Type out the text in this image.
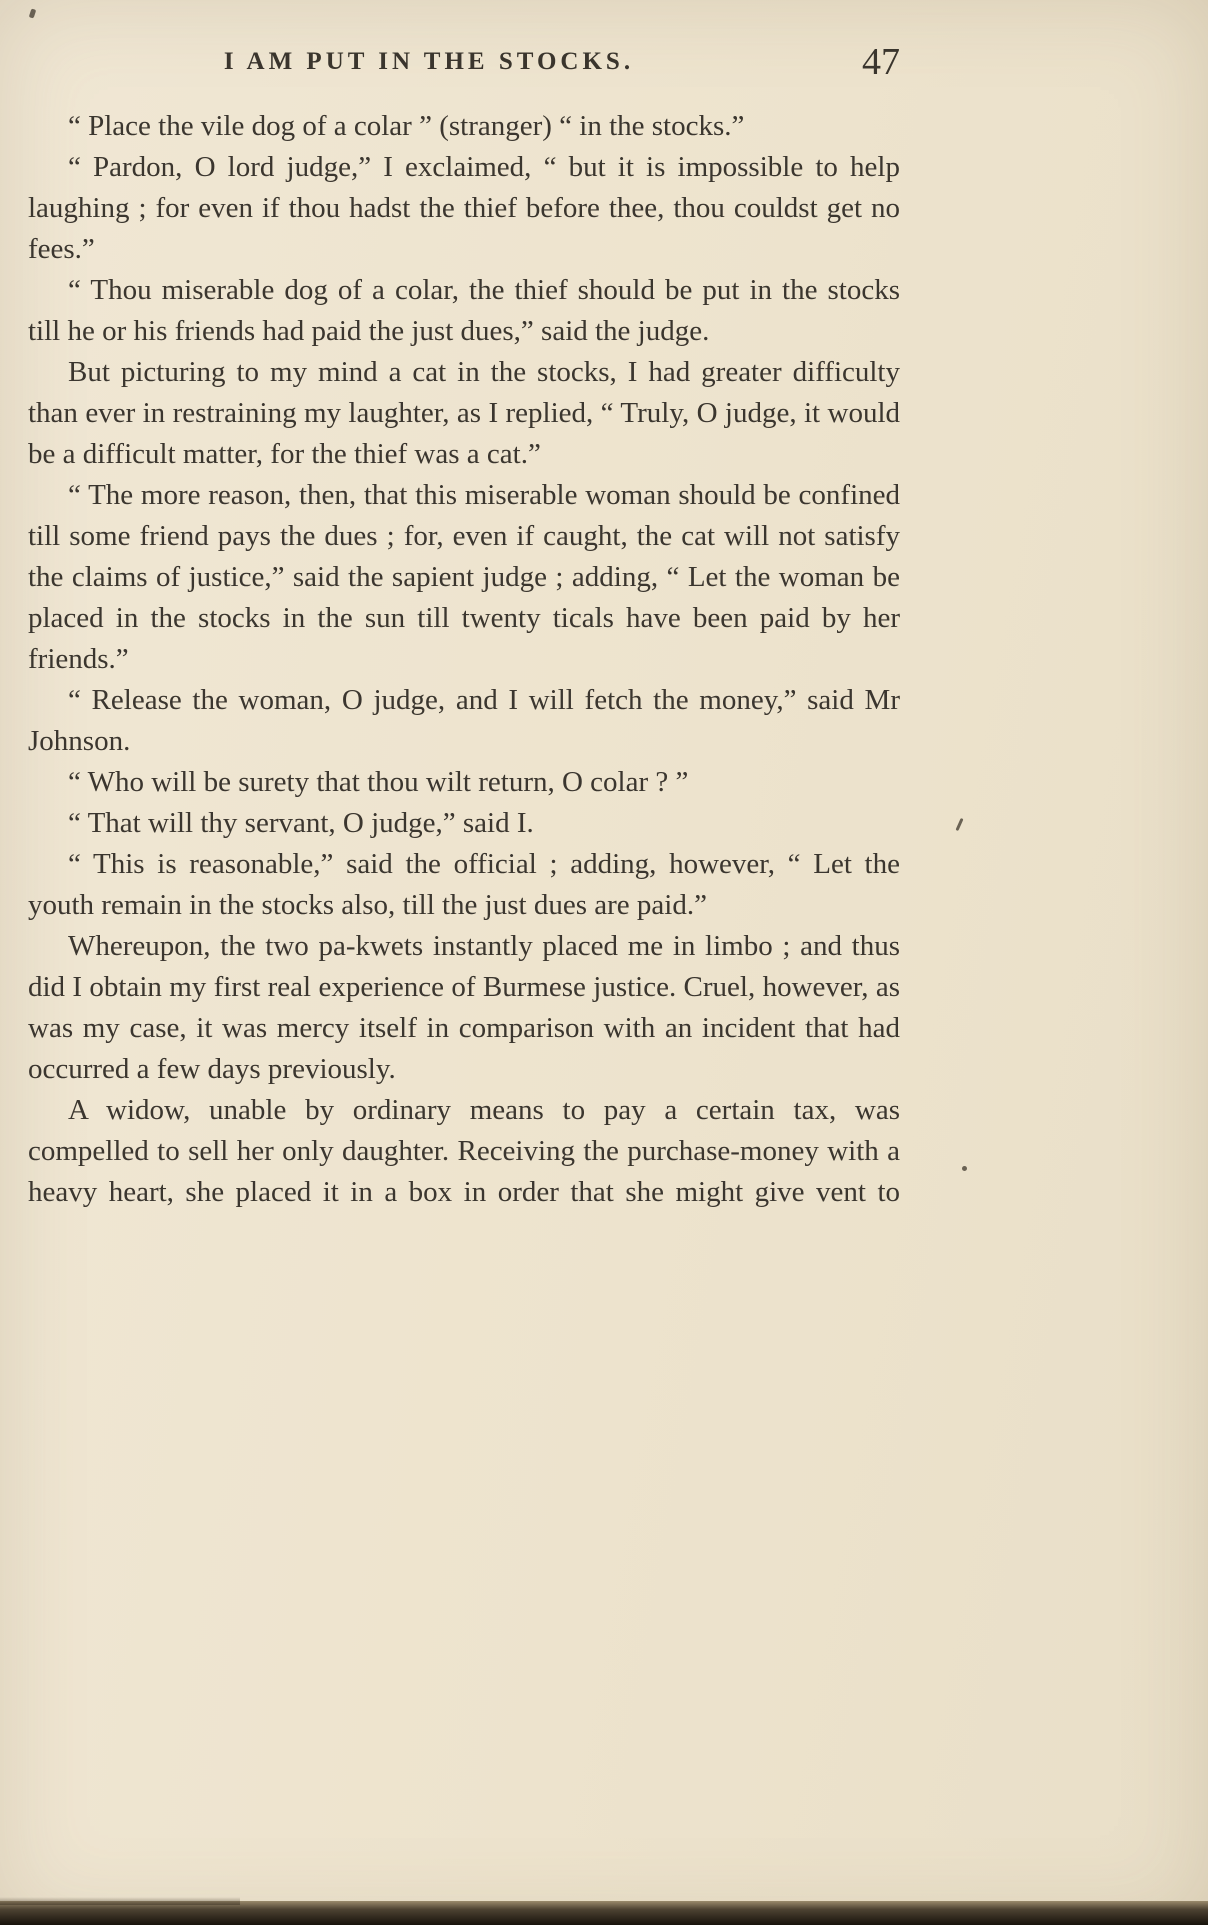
I AM PUT IN THE STOCKS.	47

“ Place the vile dog of a colar ” (stranger) “ in the stocks.”

“ Pardon, O lord judge,” I exclaimed, “ but it is impossible to help laughing ; for even if thou hadst the thief before thee, thou couldst get no fees.”

“ Thou miserable dog of a colar, the thief should be put in the stocks till he or his friends had paid the just dues,” said the judge.

But picturing to my mind a cat in the stocks, I had greater difficulty than ever in restraining my laughter, as I replied, “ Truly, O judge, it would be a difficult matter, for the thief was a cat.”

“ The more reason, then, that this miserable woman should be confined till some friend pays the dues ; for, even if caught, the cat will not satisfy the claims of justice,” said the sapient judge ; adding, “ Let the woman be placed in the stocks in the sun till twenty ticals have been paid by her friends.”

“ Release the woman, O judge, and I will fetch the money,” said Mr Johnson.

“ Who will be surety that thou wilt return, O colar ? ”

“ That will thy servant, O judge,” said I.

“ This is reasonable,” said the official ; adding, however, “ Let the youth remain in the stocks also, till the just dues are paid.”

Whereupon, the two pa-kwets instantly placed me in limbo ; and thus did I obtain my first real experience of Burmese justice. Cruel, however, as was my case, it was mercy itself in comparison with an incident that had occurred a few days previously.

A widow, unable by ordinary means to pay a certain tax, was compelled to sell her only daughter. Receiving the purchase-money with a heavy heart, she placed it in a box in order that she might give vent to
